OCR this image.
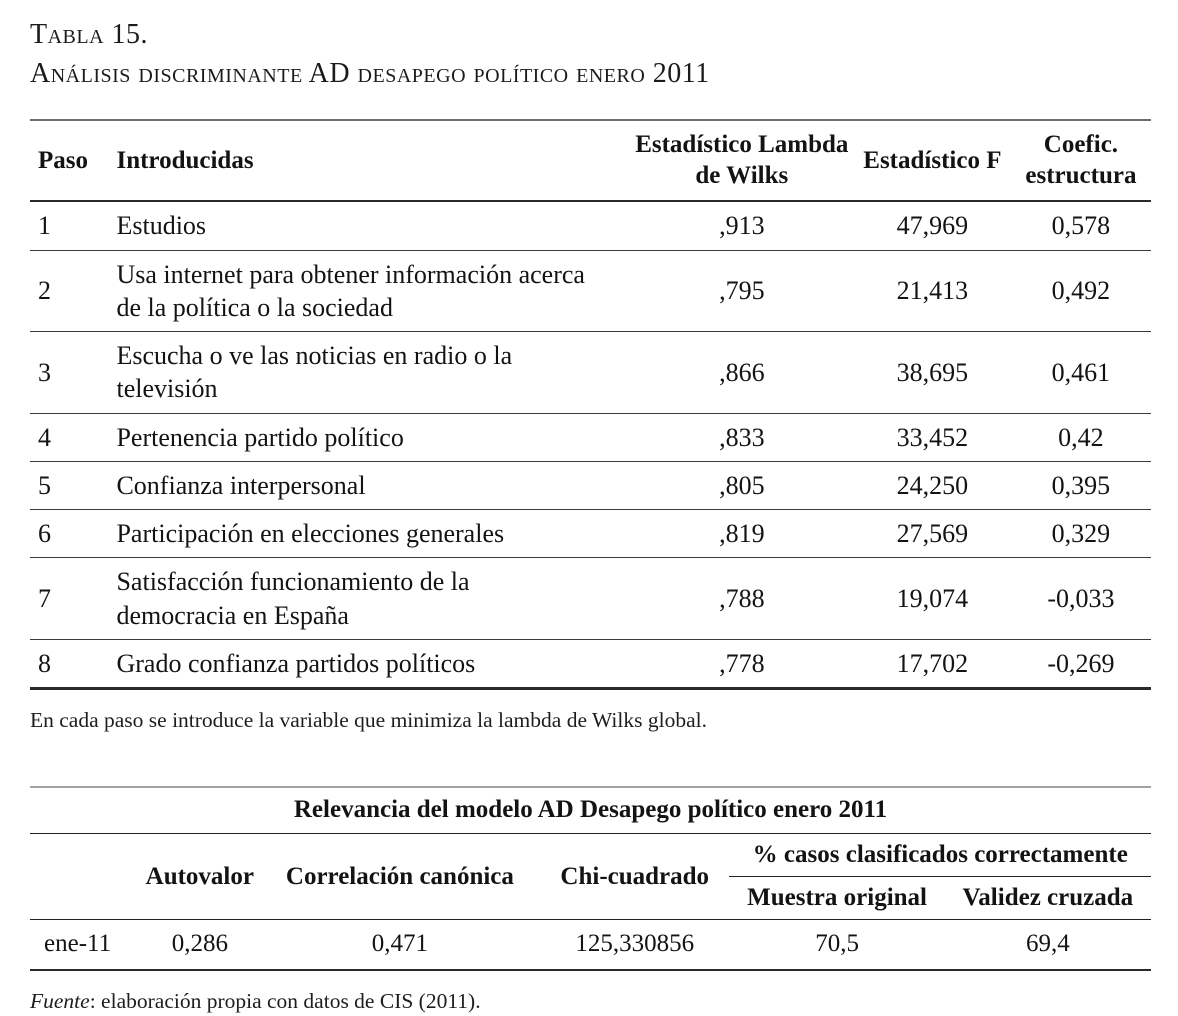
Tabla 15.
Análisis discriminante AD desapego político enero 2011
Paso	Introducidas	Estadístico Lambda de Wilks	Estadístico F	Coefic. estructura
1	Estudios	,913	47,969	0,578
2	Usa internet para obtener información acerca de la política o la sociedad	,795	21,413	0,492
3	Escucha o ve las noticias en radio o la televisión	,866	38,695	0,461
4	Pertenencia partido político	,833	33,452	0,42
5	Confianza interpersonal	,805	24,250	0,395
6	Participación en elecciones generales	,819	27,569	0,329
7	Satisfacción funcionamiento de la democracia en España	,788	19,074	-0,033
8	Grado confianza partidos políticos	,778	17,702	-0,269
En cada paso se introduce la variable que minimiza la lambda de Wilks global.
Relevancia del modelo AD Desapego político enero 2011					
	Autovalor	Correlación canónica	Chi-cuadrado	% casos clasificados correctamente	
				Muestra original	Validez cruzada
ene-11	0,286	0,471	125,330856	70,5	69,4
Fuente: elaboración propia con datos de CIS (2011).
